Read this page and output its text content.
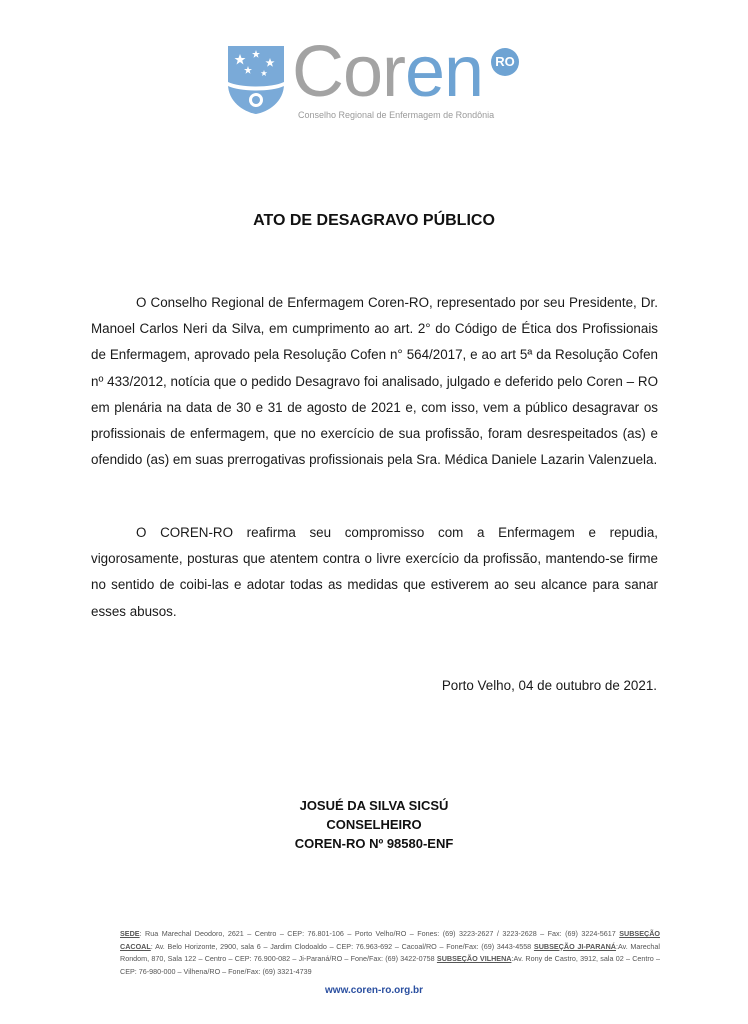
Coren RO
Conselho Regional de Enfermagem de Rondônia
ATO DE DESAGRAVO PÚBLICO

O Conselho Regional de Enfermagem Coren-RO, representado por seu Presidente, Dr. Manoel Carlos Neri da Silva, em cumprimento ao art. 2° do Código de Ética dos Profissionais de Enfermagem, aprovado pela Resolução Cofen n° 564/2017, e ao art 5ª da Resolução Cofen nº 433/2012, notícia que o pedido Desagravo foi analisado, julgado e deferido pelo Coren – RO em plenária na data de 30 e 31 de agosto de 2021 e, com isso, vem a público desagravar os profissionais de enfermagem, que no exercício de sua profissão, foram desrespeitados (as) e ofendido (as) em suas prerrogativas profissionais pela Sra. Médica Daniele Lazarin Valenzuela.

O COREN-RO reafirma seu compromisso com a Enfermagem e repudia, vigorosamente, posturas que atentem contra o livre exercício da profissão, mantendo-se firme no sentido de coibi-las e adotar todas as medidas que estiverem ao seu alcance para sanar esses abusos.

Porto Velho, 04 de outubro de 2021.
JOSUÉ DA SILVA SICSÚ
CONSELHEIRO
COREN-RO Nº 98580-ENF
SEDE: Rua Marechal Deodoro, 2621 – Centro – CEP: 76.801-106 – Porto Velho/RO – Fones: (69) 3223-2627 / 3223-2628 – Fax: (69) 3224-5617 SUBSEÇÃO CACOAL: Av. Belo Horizonte, 2900, sala 6 – Jardim Clodoaldo – CEP: 76.963-692 – Cacoal/RO – Fone/Fax: (69) 3443-4558 SUBSEÇÃO JI-PARANÁ:Av. Marechal Rondom, 870, Sala 122 – Centro – CEP: 76.900-082 – Ji-Paraná/RO – Fone/Fax: (69) 3422-0758 SUBSEÇÃO VILHENA:Av. Rony de Castro, 3912, sala 02 – Centro – CEP: 76-980-000 – Vilhena/RO – Fone/Fax: (69) 3321-4739
www.coren-ro.org.br
